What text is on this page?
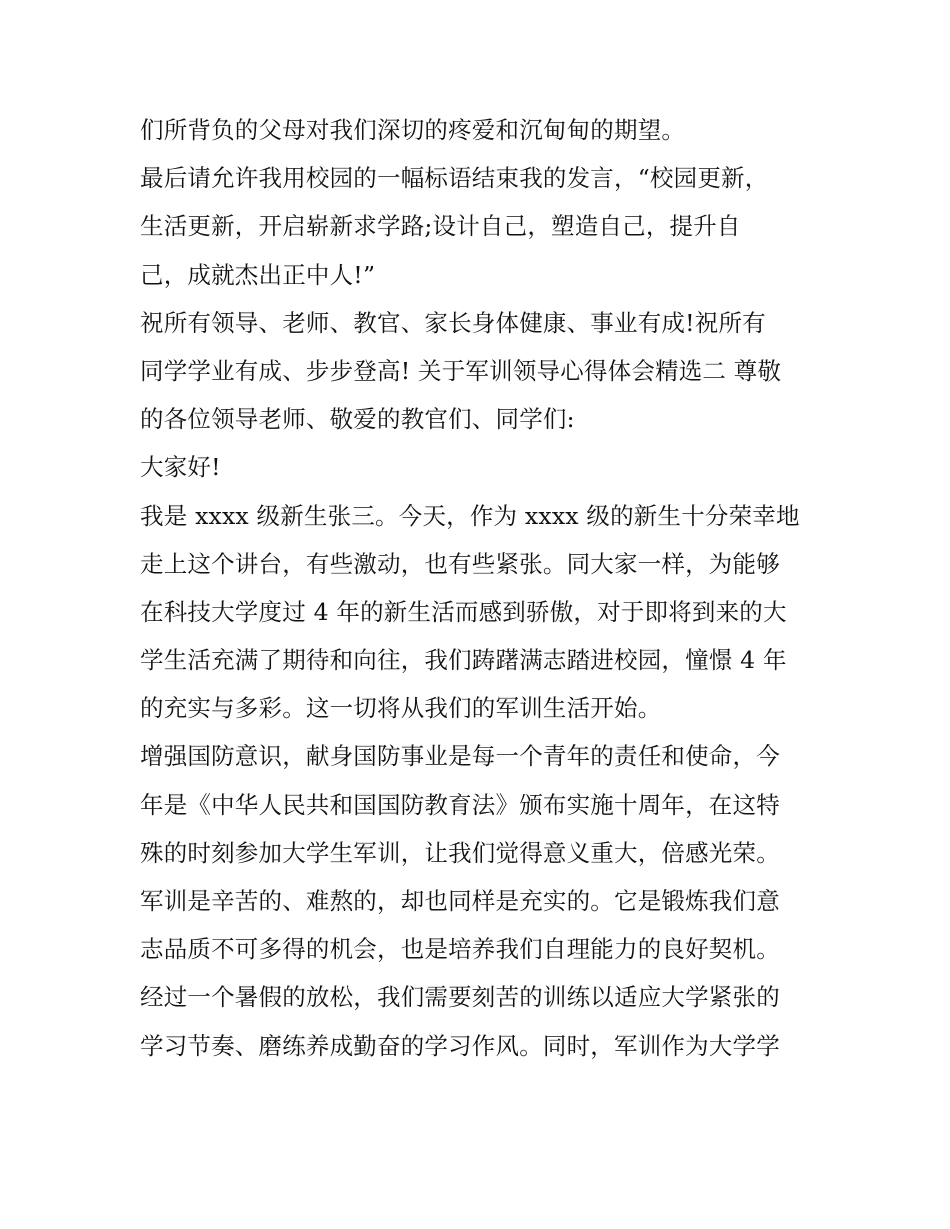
们所背负的父母对我们深切的疼爱和沉甸甸的期望。
最后请允许我用校园的一幅标语结束我的发言，“校园更新，
生活更新，开启崭新求学路;设计自己，塑造自己，提升自
己，成就杰出正中人!”
祝所有领导、老师、教官、家长身体健康、事业有成!祝所有
同学学业有成、步步登高! 关于军训领导心得体会精选二 尊敬
的各位领导老师、敬爱的教官们、同学们:
大家好!
我是 xxxx 级新生张三。今天，作为 xxxx 级的新生十分荣幸地
走上这个讲台，有些激动，也有些紧张。同大家一样，为能够
在科技大学度过 4 年的新生活而感到骄傲，对于即将到来的大
学生活充满了期待和向往，我们踌躇满志踏进校园，憧憬 4 年
的充实与多彩。这一切将从我们的军训生活开始。
增强国防意识，献身国防事业是每一个青年的责任和使命，今
年是《中华人民共和国国防教育法》颁布实施十周年，在这特
殊的时刻参加大学生军训，让我们觉得意义重大，倍感光荣。
军训是辛苦的、难熬的，却也同样是充实的。它是锻炼我们意
志品质不可多得的机会，也是培养我们自理能力的良好契机。
经过一个暑假的放松，我们需要刻苦的训练以适应大学紧张的
学习节奏、磨练养成勤奋的学习作风。同时，军训作为大学学
